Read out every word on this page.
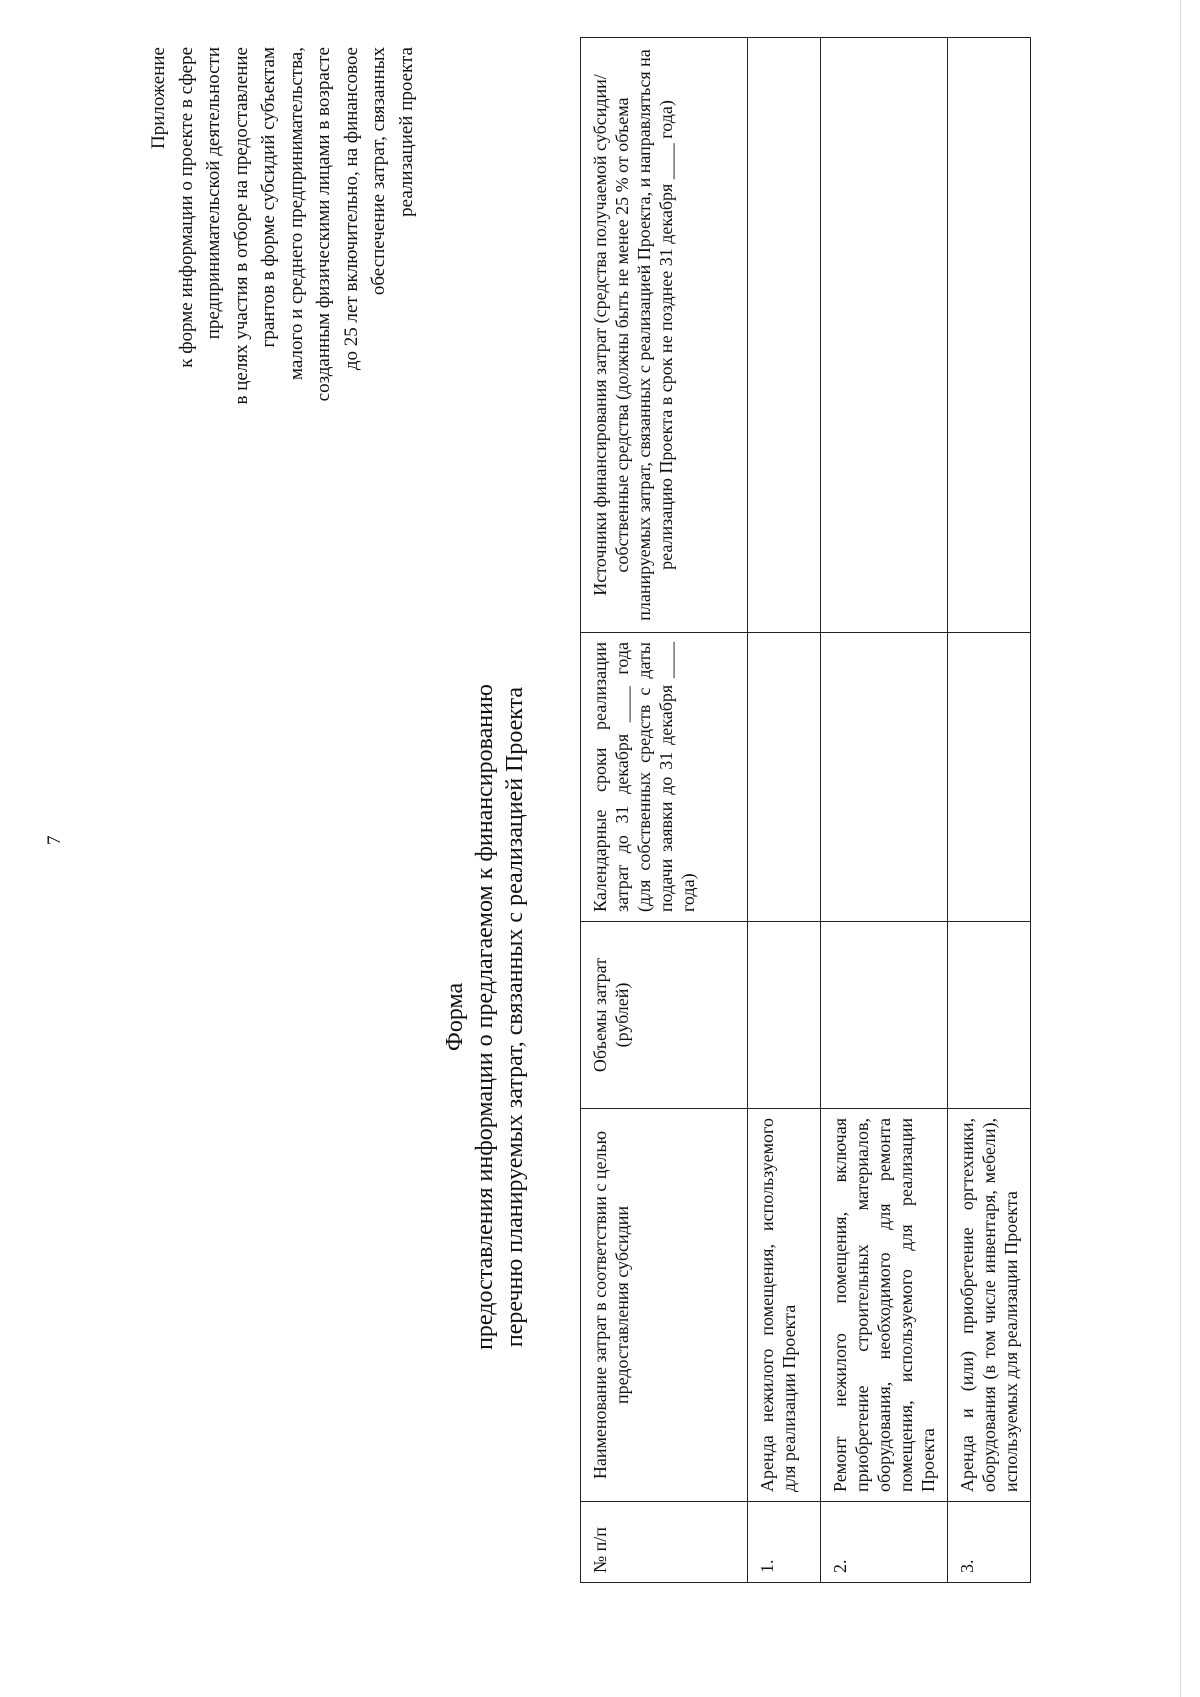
7
Приложение к форме информации о проекте в сфере предпринимательской деятельности в целях участия в отборе на предоставление грантов в форме субсидий субъектам малого и среднего предпринимательства, созданным физическими лицами в возрасте до 25 лет включительно, на финансовое обеспечение затрат, связанных реализацией проекта
Форма предоставления информации о предлагаемом к финансированию перечню планируемых затрат, связанных с реализацией Проекта
№ п/п	Наименование затрат в соответствии с целью предоставления субсидии	Объемы затрат (рублей)	Календарные сроки реализации затрат до 31 декабря ____ года (для собственных средств с даты подачи заявки до 31 декабря ____ года)	Источники финансирования затрат (средства получаемой субсидии/ собственные средства (должны быть не менее 25 % от объема планируемых затрат, связанных с реализацией Проекта, и направляться на реализацию Проекта в срок не позднее 31 декабря ____ года)
1.	Аренда нежилого помещения, используемого для реализации Проекта			
2.	Ремонт нежилого помещения, включая приобретение строительных материалов, оборудования, необходимого для ремонта помещения, используемого для реализации Проекта			
3.	Аренда и (или) приобретение оргтехники, оборудования (в том числе инвентаря, мебели), используемых для реализации Проекта			
